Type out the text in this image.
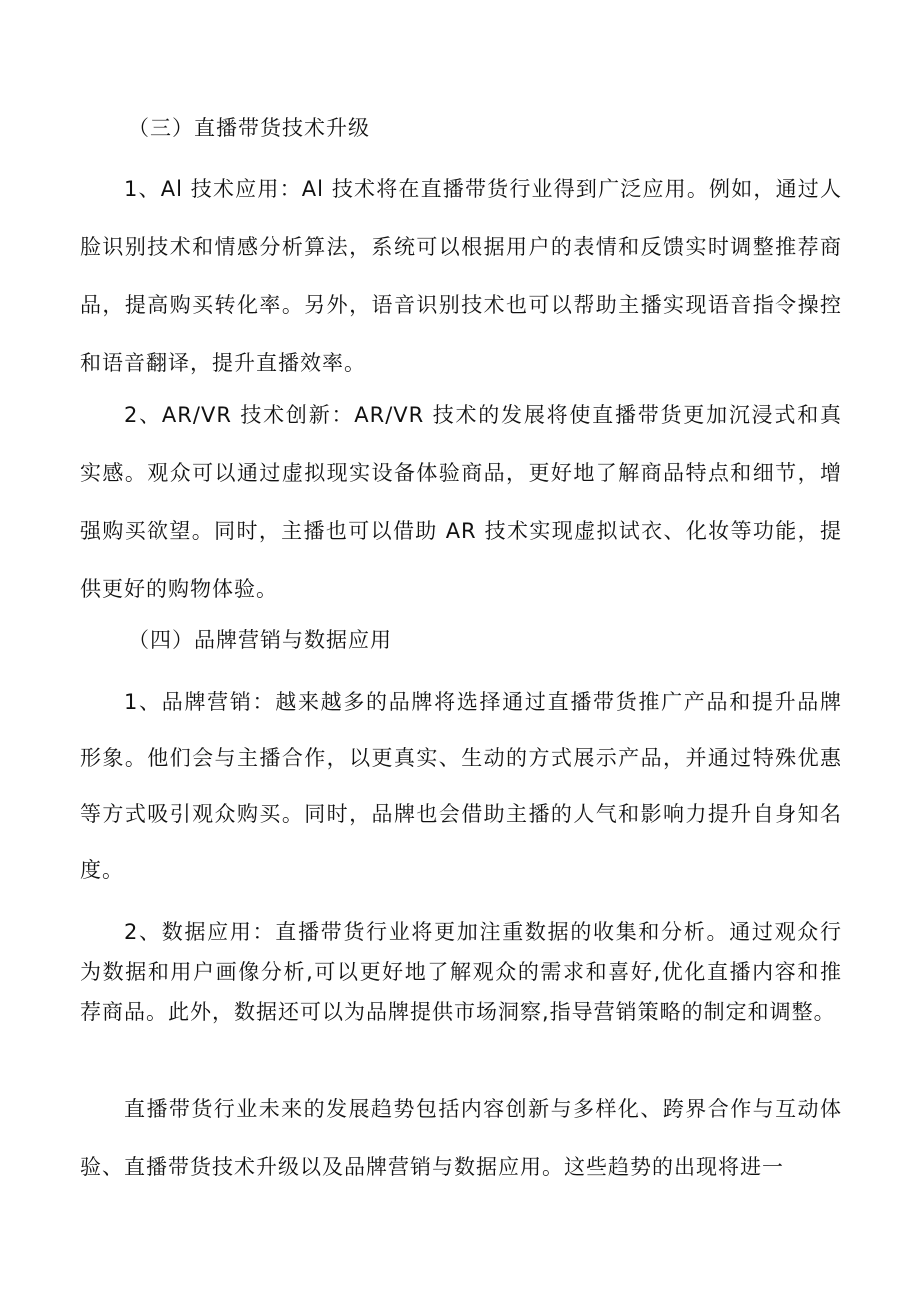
（三）直播带货技术升级

1、Al 技术应用：Al 技术将在直播带货行业得到广泛应用。例如，通过人脸识别技术和情感分析算法，系统可以根据用户的表情和反馈实时调整推荐商品，提高购买转化率。另外，语音识别技术也可以帮助主播实现语音指令操控和语音翻译，提升直播效率。

2、AR/VR 技术创新：AR/VR 技术的发展将使直播带货更加沉浸式和真实感。观众可以通过虚拟现实设备体验商品，更好地了解商品特点和细节，增强购买欲望。同时，主播也可以借助 AR 技术实现虚拟试衣、化妆等功能，提供更好的购物体验。

（四）品牌营销与数据应用

1、品牌营销：越来越多的品牌将选择通过直播带货推广产品和提升品牌形象。他们会与主播合作，以更真实、生动的方式展示产品，并通过特殊优惠等方式吸引观众购买。同时，品牌也会借助主播的人气和影响力提升自身知名度。

2、数据应用：直播带货行业将更加注重数据的收集和分析。通过观众行为数据和用户画像分析,可以更好地了解观众的需求和喜好,优化直播内容和推荐商品。此外，数据还可以为品牌提供市场洞察,指导营销策略的制定和调整。

直播带货行业未来的发展趋势包括内容创新与多样化、跨界合作与互动体验、直播带货技术升级以及品牌营销与数据应用。这些趋势的出现将进一
